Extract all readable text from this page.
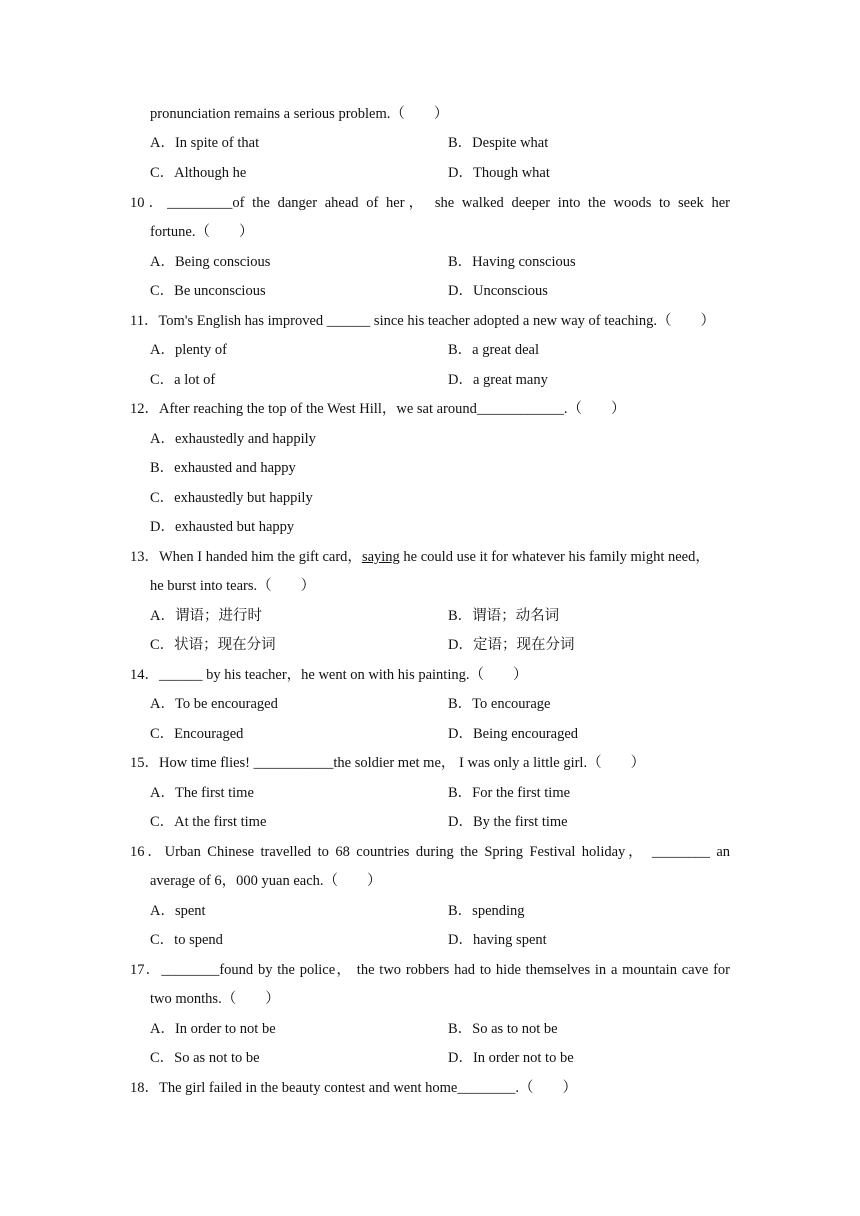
pronunciation remains a serious problem.（　　）
A．In spite of that	B．Despite what
C．Although he	D．Though what
10．_________of the danger ahead of her， she walked deeper into the woods to seek her
fortune.（　　）
A．Being conscious	B．Having conscious
C．Be unconscious	D．Unconscious
11．Tom's English has improved ______ since his teacher adopted a new way of teaching.（　　）
A．plenty of	B．a great deal
C．a lot of	D．a great many
12．After reaching the top of the West Hill，we sat around____________.（　　）
A．exhaustedly and happily
B．exhausted and happy
C．exhaustedly but happily
D．exhausted but happy
13．When I handed him the gift card，saying he could use it for whatever his family might need，
he burst into tears.（　　）
A．谓语；进行时	B．谓语；动名词
C．状语；现在分词	D．定语；现在分词
14．______ by his teacher，he went on with his painting.（　　）
A．To be encouraged	B．To encourage
C．Encouraged	D．Being encouraged
15．How time flies! ___________the soldier met me， I was only a little girl.（　　）
A．The first time	B．For the first time
C．At the first time	D．By the first time
16．Urban Chinese travelled to 68 countries during the Spring Festival holiday， ________ an
average of 6，000 yuan each.（　　）
A．spent	B．spending
C．to spend	D．having spent
17．________found by the police， the two robbers had to hide themselves in a mountain cave for
two months.（　　）
A．In order to not be	B．So as to not be
C．So as not to be	D．In order not to be
18．The girl failed in the beauty contest and went home________.（　　）
